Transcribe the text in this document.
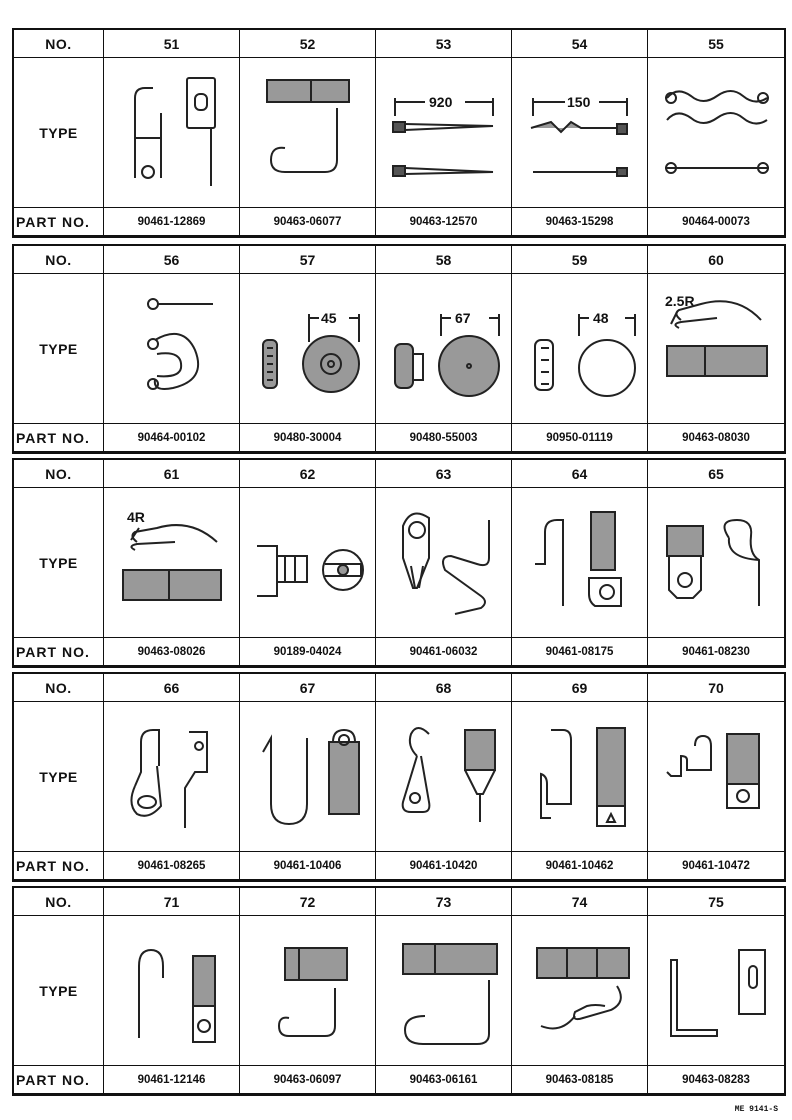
NO.	51	52	53	54	55
TYPE
920	150
PART NO.	90461-12869	90463-06077	90463-12570	90463-15298	90464-00073
NO.	56	57	58	59	60
TYPE
45	67	48
2.5R
PART NO.	90464-00102	90480-30004	90480-55003	90950-01119	90463-08030
NO.	61	62	63	64	65
TYPE
4R
PART NO.	90463-08026	90189-04024	90461-06032	90461-08175	90461-08230
NO.	66	67	68	69	70
TYPE
PART NO.	90461-08265	90461-10406	90461-10420	90461-10462	90461-10472
NO.	71	72	73	74	75
TYPE
PART NO.	90461-12146	90463-06097	90463-06161	90463-08185	90463-08283
ME 9141-S
